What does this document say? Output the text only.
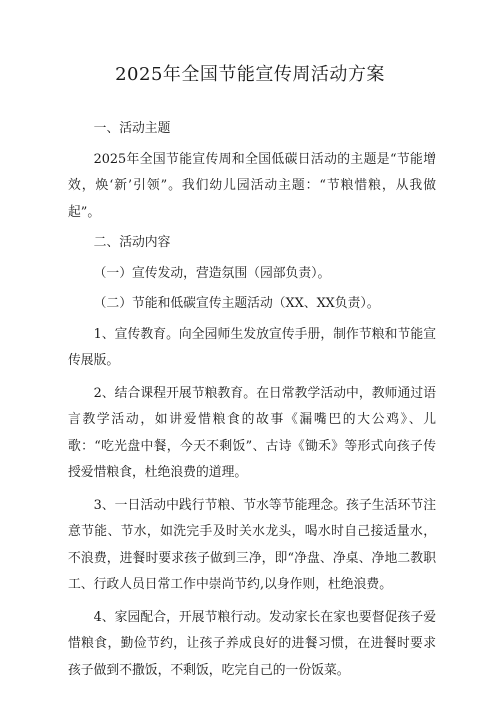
2025年全国节能宣传周活动方案

一、活动主题

2025年全国节能宣传周和全国低碳日活动的主题是“节能增效，焕‘新’引领”。我们幼儿园活动主题：“节粮惜粮，从我做起”。

二、活动内容

（一）宣传发动，营造氛围（园部负责）。

（二）节能和低碳宣传主题活动（XX、XX负责）。

1、宣传教育。向全园师生发放宣传手册，制作节粮和节能宣传展版。

2、结合课程开展节粮教育。在日常教学活动中，教师通过语言教学活动，如讲爱惜粮食的故事《漏嘴巴的大公鸡》、儿歌：“吃光盘中餐，今天不剩饭”、古诗《锄禾》等形式向孩子传授爱惜粮食，杜绝浪费的道理。

3、一日活动中践行节粮、节水等节能理念。孩子生活环节注意节能、节水，如洗完手及时关水龙头，喝水时自己接适量水，不浪费，进餐时要求孩子做到三净，即“净盘、净桌、净地二教职工、行政人员日常工作中崇尚节约,以身作则，杜绝浪费。

4、家园配合，开展节粮行动。发动家长在家也要督促孩子爱惜粮食，勤俭节约，让孩子养成良好的进餐习惯，在进餐时要求孩子做到不撒饭，不剩饭，吃完自己的一份饭菜。
